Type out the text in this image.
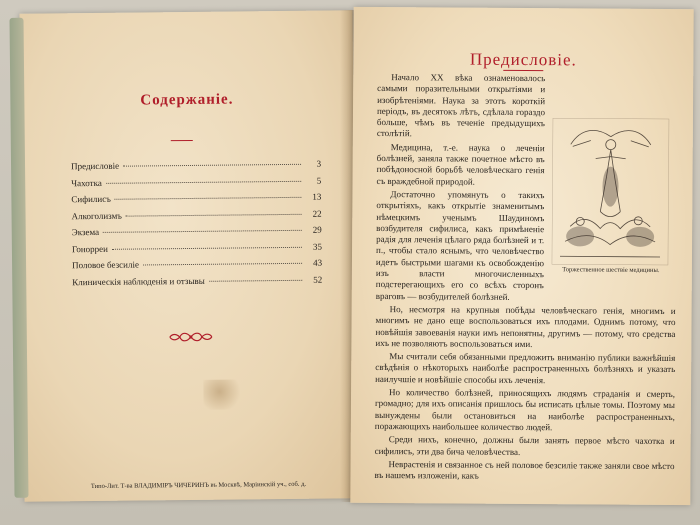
Содержаніе.
Предисловіе	3
Чахотка	5
Сифилисъ	13
Алкоголизмъ	22
Экзема	29
Гонорреи	35
Половое безсиліе	43
Клиническія наблюденія и отзывы	52
Типо-Лит. Т-ва ВЛАДИМІРЪ ЧИЧЕРИНЪ въ Москвѣ, Маріинскій уч., соб. д.
Предисловіе.

Начало XX вѣка ознаменовалось самыми поразительными открытіями и изобрѣтеніями. Наука за этотъ короткій періодъ, въ десятокъ лѣтъ, сдѣлала гораздо больше, чѣмъ въ теченіе предыдущихъ столѣтій.

Медицина, т.-е. наука о леченіи болѣзней, заняла также почетное мѣсто въ побѣдоносной борьбѣ человѣческаго генія съ враждебной природой.

Достаточно упомянуть о такихъ открытіяхъ, какъ открытіе знаменитымъ нѣмецкимъ ученымъ Шаудиномъ возбудителя сифилиса, какъ примѣненіе радія для леченія цѣлаго ряда болѣзней и т. п., чтобы стало яснымъ, что человѣчество идетъ быстрыми шагами къ освобожденію изъ власти многочисленныхъ подстерегающихъ его со всѣхъ сторонъ враговъ — возбудителей болѣзней.

Но, несмотря на крупныя побѣды человѣческаго генія, многимъ и многимъ не дано еще воспользоваться ихъ плодами. Однимъ потому, что новѣйшія завоеванія науки имъ непонятны, другимъ — потому, что средства ихъ не позволяютъ воспользоваться ими.

Мы считали себя обязанными предложить вниманію публики важнѣйшія свѣдѣнія о нѣкоторыхъ наиболѣе распространенныхъ болѣзняхъ и указать наилучшіе и новѣйшіе способы ихъ леченія.

Но количество болѣзней, приносящихъ людямъ страданія и смерть, громадно; для ихъ описанія пришлось бы исписать цѣлые томы. Поэтому мы вынуждены были остановиться на наиболѣе распространенныхъ, поражающихъ наибольшее количество людей.

Среди нихъ, конечно, должны были занять первое мѣсто чахотка и сифилисъ, эти два бича человѣчества.

Неврастенія и связанное съ ней половое безсиліе также заняли свое мѣсто въ нашемъ изложеніи, какъ

Торжественное шествіе медицины.
